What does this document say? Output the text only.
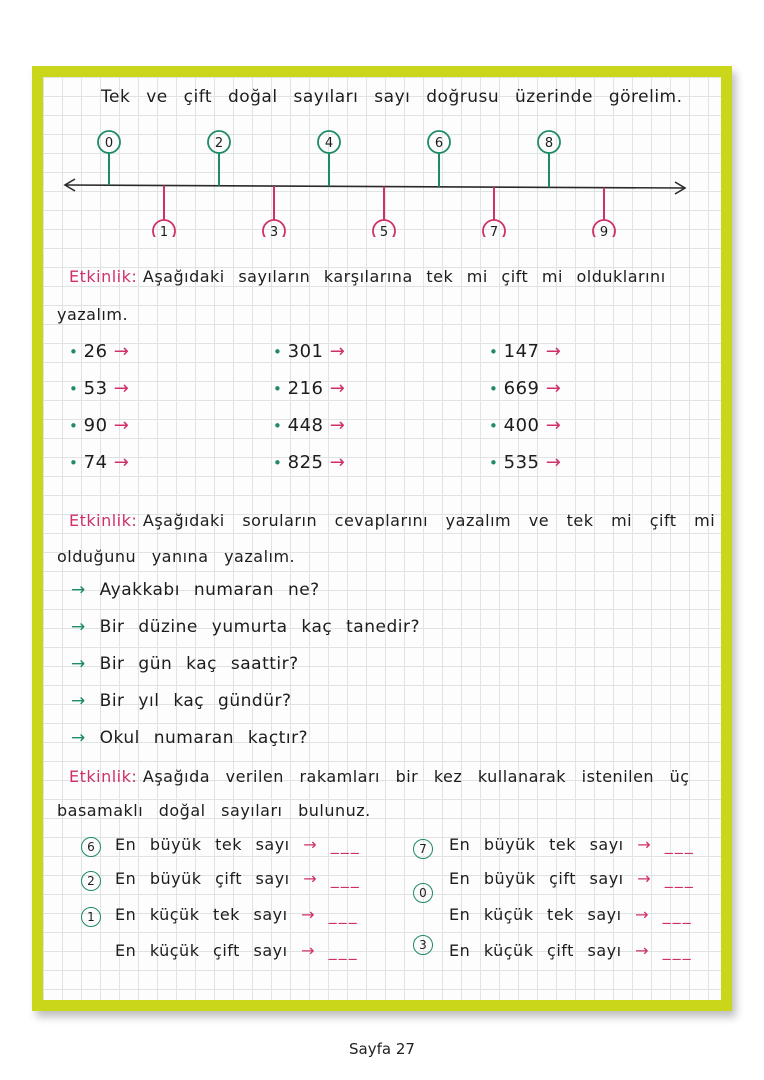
Tek ve çift doğal sayıları sayı doğrusu üzerinde görelim.
0	2	4	6	8
1	3	5	7	9
Etkinlik: Aşağıdaki sayıların karşılarına tek mi çift mi olduklarını
yazalım.
• 26 →
• 53 →
• 90 →
• 74 →
• 301 →
• 216 →
• 448 →
• 825 →
• 147 →
• 669 →
• 400 →
• 535 →
Etkinlik: Aşağıdaki soruların cevaplarını yazalım ve tek mi çift mi
olduğunu yanına yazalım.
→ Ayakkabı numaran ne?
→ Bir düzine yumurta kaç tanedir?
→ Bir gün kaç saattir?
→ Bir yıl kaç gündür?
→ Okul numaran kaçtır?
Etkinlik: Aşağıda verilen rakamları bir kez kullanarak istenilen üç
basamaklı doğal sayıları bulunuz.
6	En büyük tek sayı → ___
2	En büyük çift sayı → ___
1	En küçük tek sayı → ___
En küçük çift sayı → ___
En büyük tek sayı → ___
En büyük çift sayı → ___
En küçük tek sayı → ___
En küçük çift sayı → ___
7
0
3
Sayfa 27
